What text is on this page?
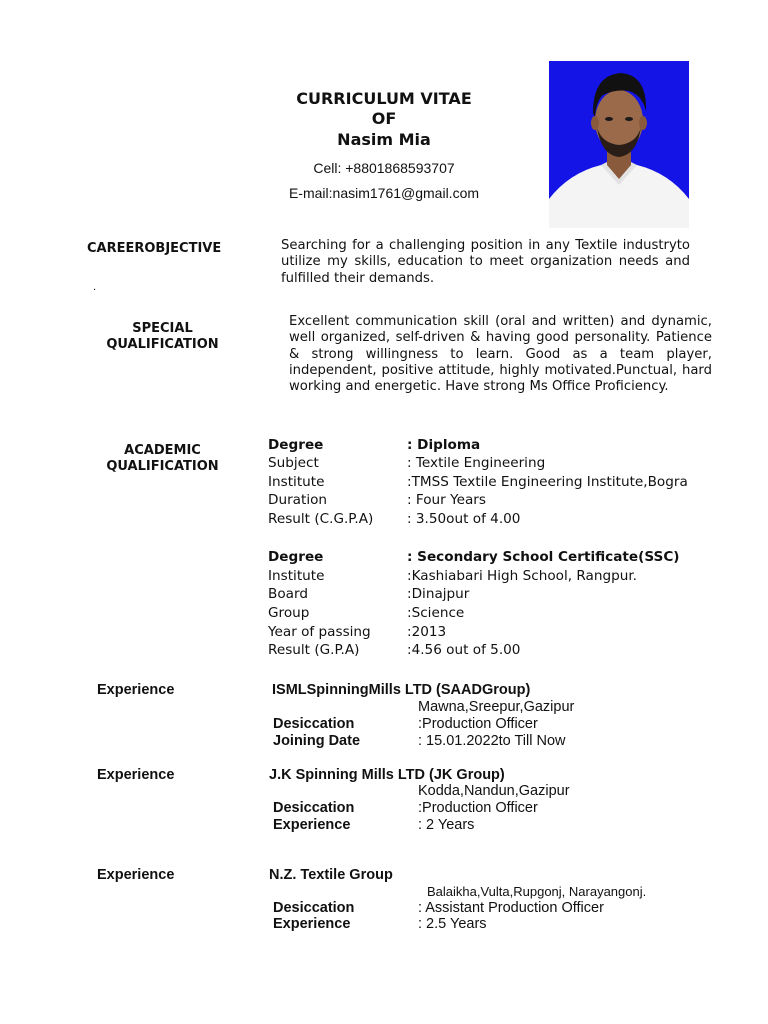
CURRICULUM VITAE
OF
Nasim Mia
Cell: +8801868593707
E-mail:nasim1761@gmail.com
CAREEROBJECTIVE	Searching for a challenging position in any Textile industryto utilize my skills, education to meet organization needs and fulfilled their demands.
.
SPECIAL
QUALIFICATION
Excellent communication skill (oral and written) and dynamic, well organized, self-driven & having good personality. Patience & strong willingness to learn. Good as a team player, independent, positive attitude, highly motivated.Punctual, hard working and energetic. Have strong Ms Office Proficiency.
ACADEMIC
QUALIFICATION
Degree	: Diploma
Subject	: Textile Engineering
Institute	:TMSS Textile Engineering Institute,Bogra
Duration	: Four Years
Result (C.G.P.A) : 3.50out of 4.00
Degree	: Secondary School Certificate(SSC)
Institute	:Kashiabari High School, Rangpur.
Board	:Dinajpur
Group	:Science
Year of passing	:2013
Result (G.P.A)	:4.56 out of 5.00
Experience	ISMLSpinningMills LTD (SAADGroup)
Mawna,Sreepur,Gazipur
Desiccation	:Production Officer
Joining Date	: 15.01.2022to Till Now
Experience	J.K Spinning Mills LTD (JK Group)
Kodda,Nandun,Gazipur
Desiccation	:Production Officer
Experience	: 2 Years
Experience	N.Z. Textile Group
Balaikha,Vulta,Rupgonj, Narayangonj.
Desiccation	: Assistant Production Officer
Experience	: 2.5 Years
